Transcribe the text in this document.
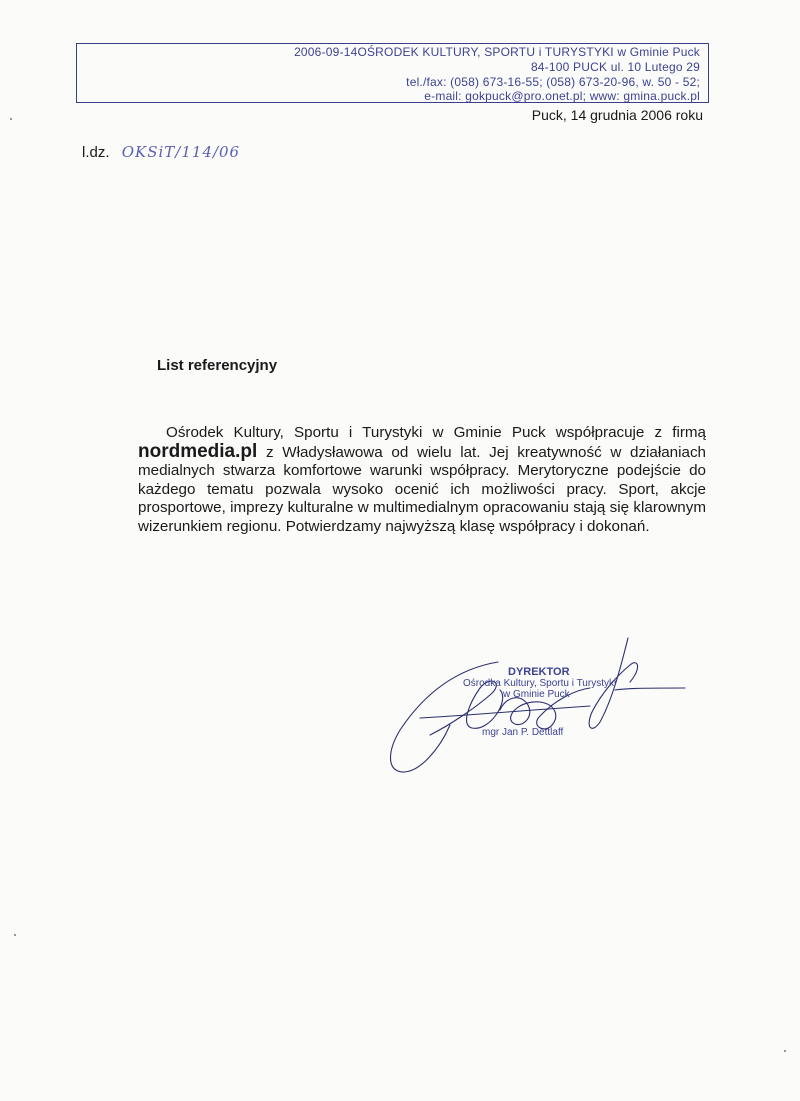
2006-09-14OŚRODEK KULTURY, SPORTU i TURYSTYKI w Gminie Puck
84-100 PUCK ul. 10 Lutego 29
tel./fax: (058) 673-16-55; (058) 673-20-96, w. 50 - 52;
e-mail: gokpuck@pro.onet.pl; www: gmina.puck.pl
Puck, 14 grudnia 2006 roku
l.dz. OKSiT/114/06
List referencyjny
Ośrodek Kultury, Sportu i Turystyki w Gminie Puck współpracuje z firmą nordmedia.pl z Władysławowa od wielu lat. Jej kreatywność w działaniach medialnych stwarza komfortowe warunki współpracy. Merytoryczne podejście do każdego tematu pozwala wysoko ocenić ich możliwości pracy. Sport, akcje prosportowe, imprezy kulturalne w multimedialnym opracowaniu stają się klarownym wizerunkiem regionu. Potwierdzamy najwyższą klasę współpracy i dokonań.
DYREKTOR
Ośrodka Kultury, Sportu i Turystyki
w Gminie Puck
mgr Jan P. Dettlaff
